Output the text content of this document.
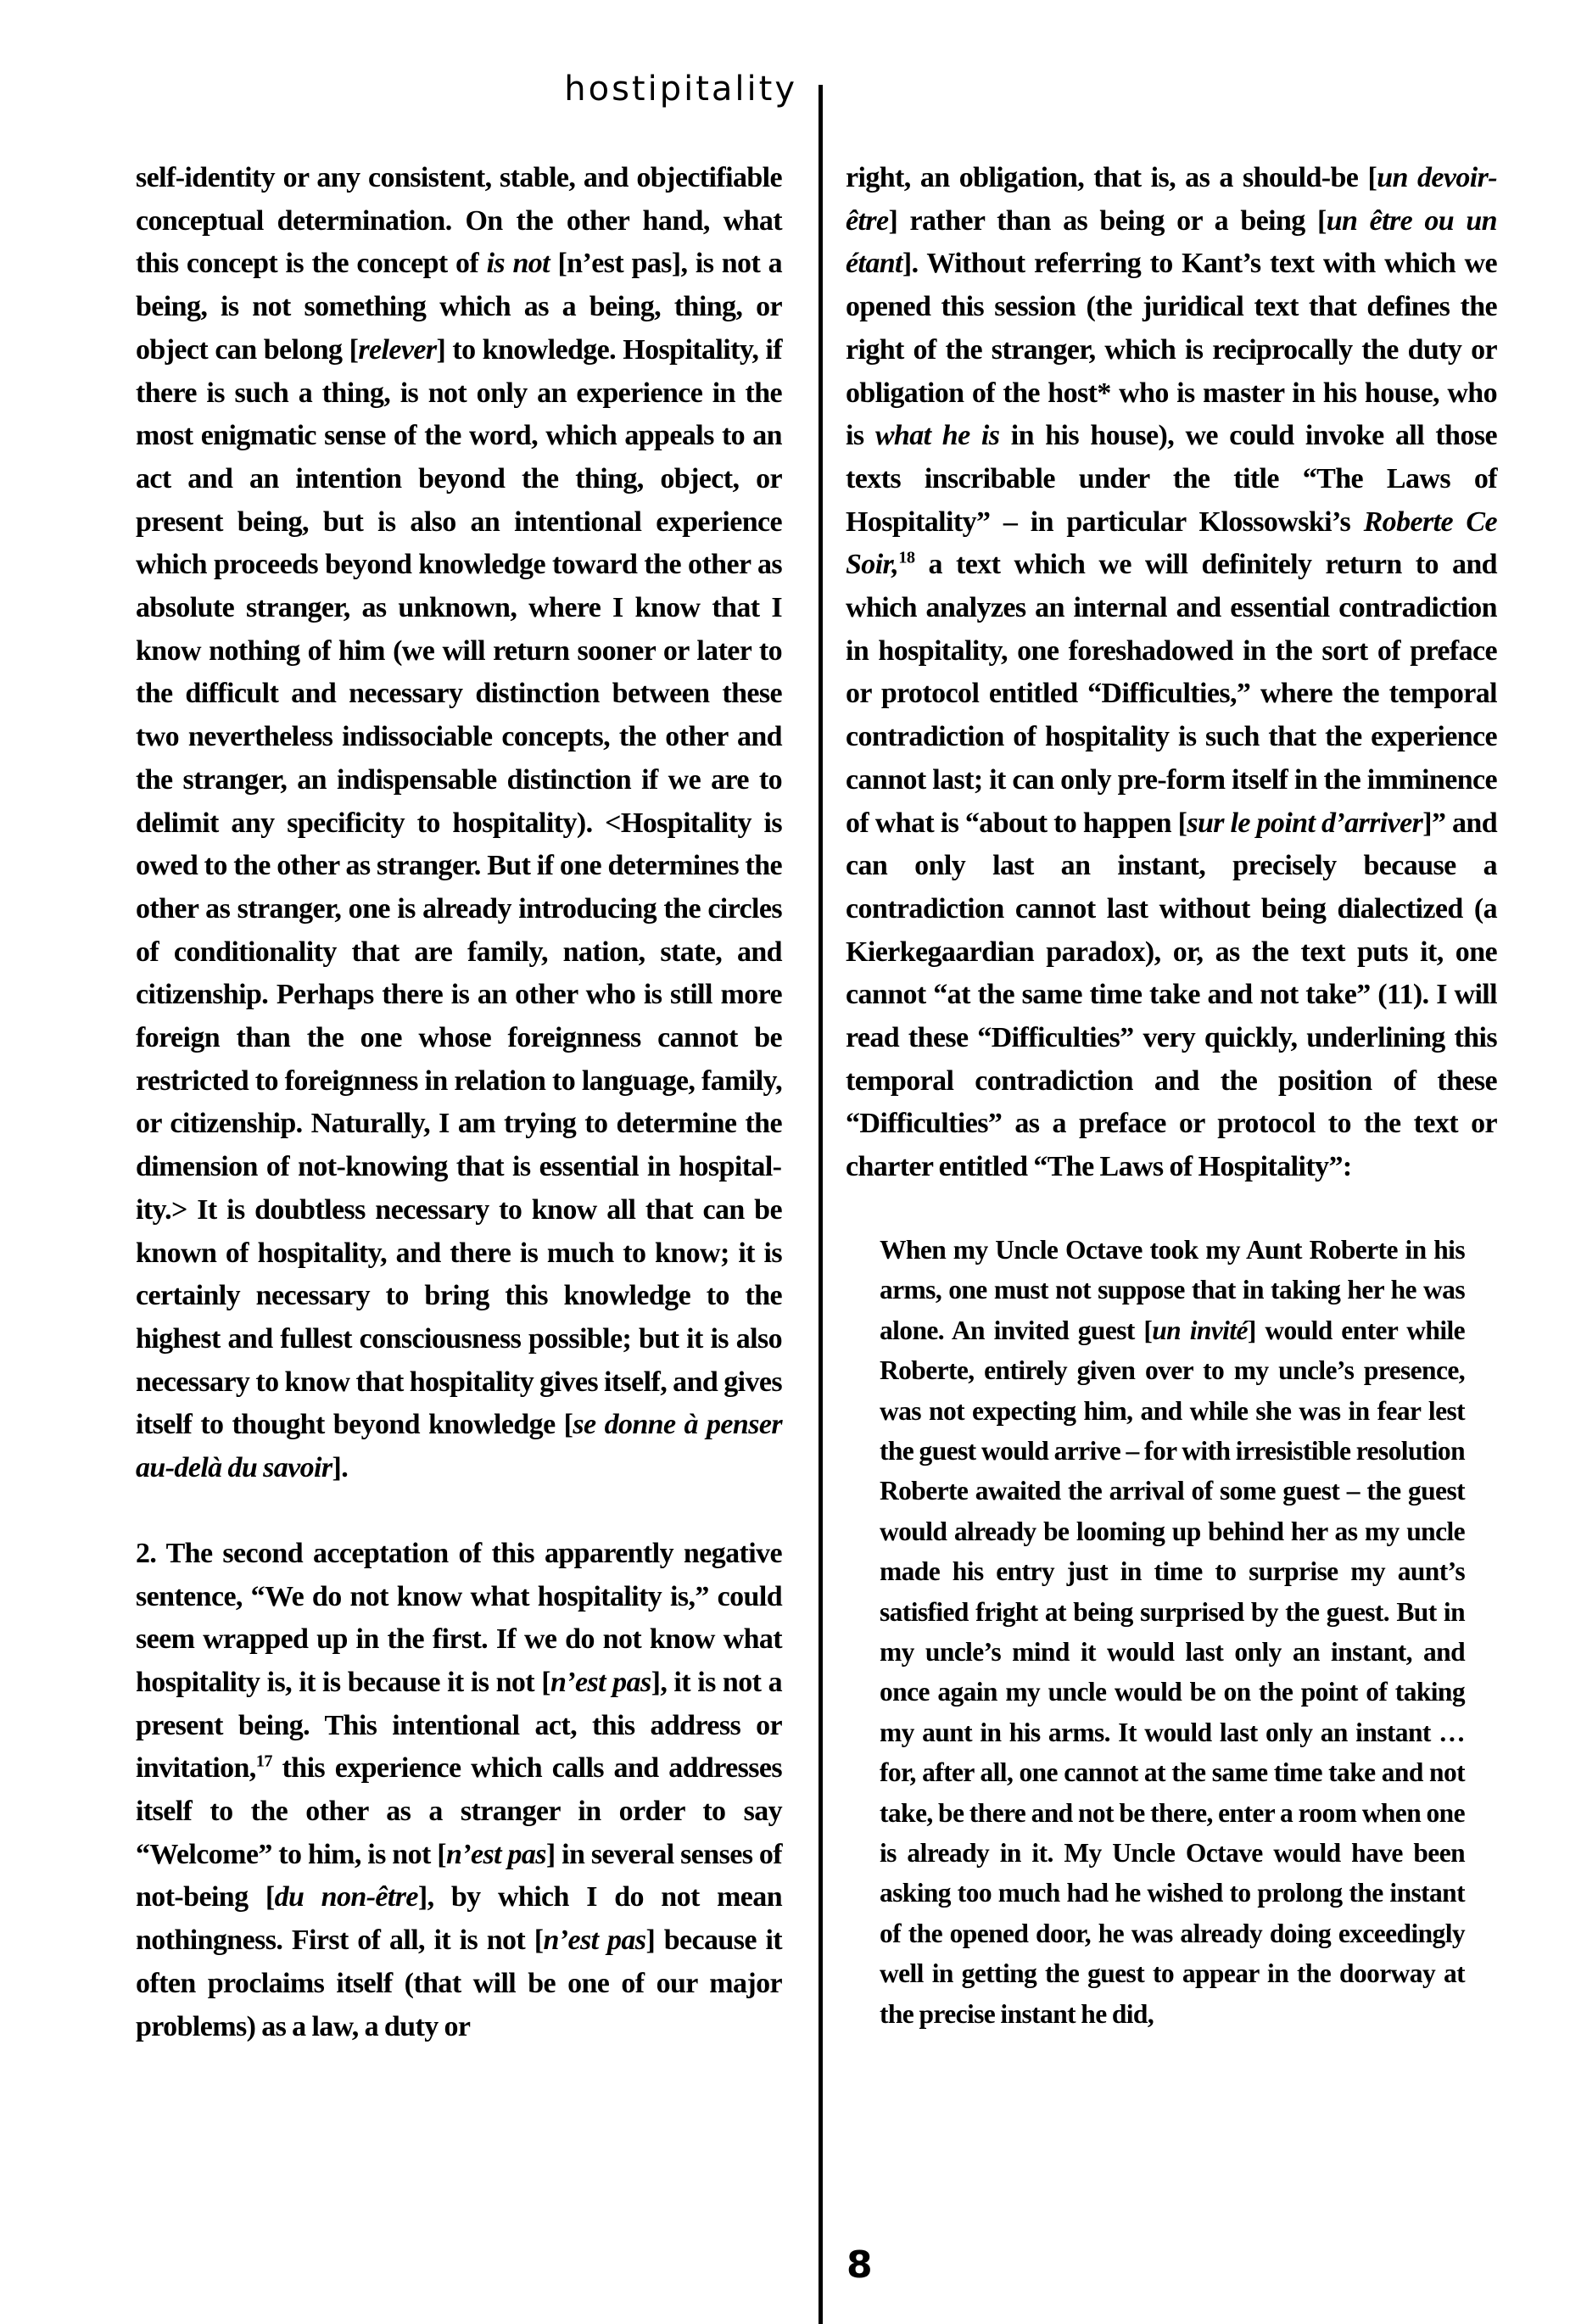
hostipitality

self-identity or any consistent, stable, and objectifiable conceptual determination. On the other hand, what this concept is the concept of is not [n’est pas], is not a being, is not something which as a being, thing, or object can belong [relever] to knowledge. Hospitality, if there is such a thing, is not only an experience in the most enigmatic sense of the word, which appeals to an act and an intention beyond the thing, object, or present being, but is also an intentional experience which proceeds beyond knowledge toward the other as absolute stranger, as unknown, where I know that I know nothing of him (we will return sooner or later to the difficult and necessary distinction between these two nevertheless indissociable concepts, the other and the stranger, an indispensable distinction if we are to delimit any specificity to hospitality). <Hospitality is owed to the other as stranger. But if one determines the other as stranger, one is already introducing the circles of conditionality that are family, nation, state, and citizenship. Perhaps there is an other who is still more foreign than the one whose foreignness cannot be restricted to foreignness in relation to language, family, or citizenship. Naturally, I am trying to determine the dimension of not-knowing that is essential in hospitality.> It is doubtless necessary to know all that can be known of hospitality, and there is much to know; it is certainly necessary to bring this knowledge to the highest and fullest consciousness possible; but it is also necessary to know that hospitality gives itself, and gives itself to thought beyond knowledge [se donne à penser au-delà du savoir].

2. The second acceptation of this apparently negative sentence, “We do not know what hospitality is,” could seem wrapped up in the first. If we do not know what hospitality is, it is because it is not [n’est pas], it is not a present being. This intentional act, this address or invitation,$^{17}$ this experience which calls and addresses itself to the other as a stranger in order to say “Welcome” to him, is not [n’est pas] in several senses of not-being [du non-être], by which I do not mean nothingness. First of all, it is not [n’est pas] because it often proclaims itself (that will be one of our major problems) as a law, a duty or

right, an obligation, that is, as a should-be [un devoir-être] rather than as being or a being [un être ou un étant]. Without referring to Kant’s text with which we opened this session (the juridical text that defines the right of the stranger, which is reciprocally the duty or obligation of the host* who is master in his house, who is what he is in his house), we could invoke all those texts inscribable under the title “The Laws of Hospitality” – in particular Klossowski’s Roberte Ce Soir,$^{18}$ a text which we will definitely return to and which analyzes an internal and essential contradiction in hospitality, one foreshadowed in the sort of preface or protocol entitled “Difficulties,” where the temporal contradiction of hospitality is such that the experience cannot last; it can only pre-form itself in the imminence of what is “about to happen [sur le point d’arriver]” and can only last an instant, precisely because a contradiction cannot last without being dialectized (a Kierkegaardian paradox), or, as the text puts it, one cannot “at the same time take and not take” (11). I will read these “Difficulties” very quickly, underlining this temporal contradiction and the position of these “Difficulties” as a preface or protocol to the text or charter entitled “The Laws of Hospitality”:

When my Uncle Octave took my Aunt Roberte in his arms, one must not suppose that in taking her he was alone. An invited guest [un invité] would enter while Roberte, entirely given over to my uncle’s presence, was not expecting him, and while she was in fear lest the guest would arrive – for with irresistible resolution Roberte awaited the arrival of some guest – the guest would already be looming up behind her as my uncle made his entry just in time to surprise my aunt’s satisfied fright at being surprised by the guest. But in my uncle’s mind it would last only an instant, and once again my uncle would be on the point of taking my aunt in his arms. It would last only an instant … for, after all, one cannot at the same time take and not take, be there and not be there, enter a room when one is already in it. My Uncle Octave would have been asking too much had he wished to prolong the instant of the opened door, he was already doing exceedingly well in getting the guest to appear in the doorway at the precise instant he did,

8
